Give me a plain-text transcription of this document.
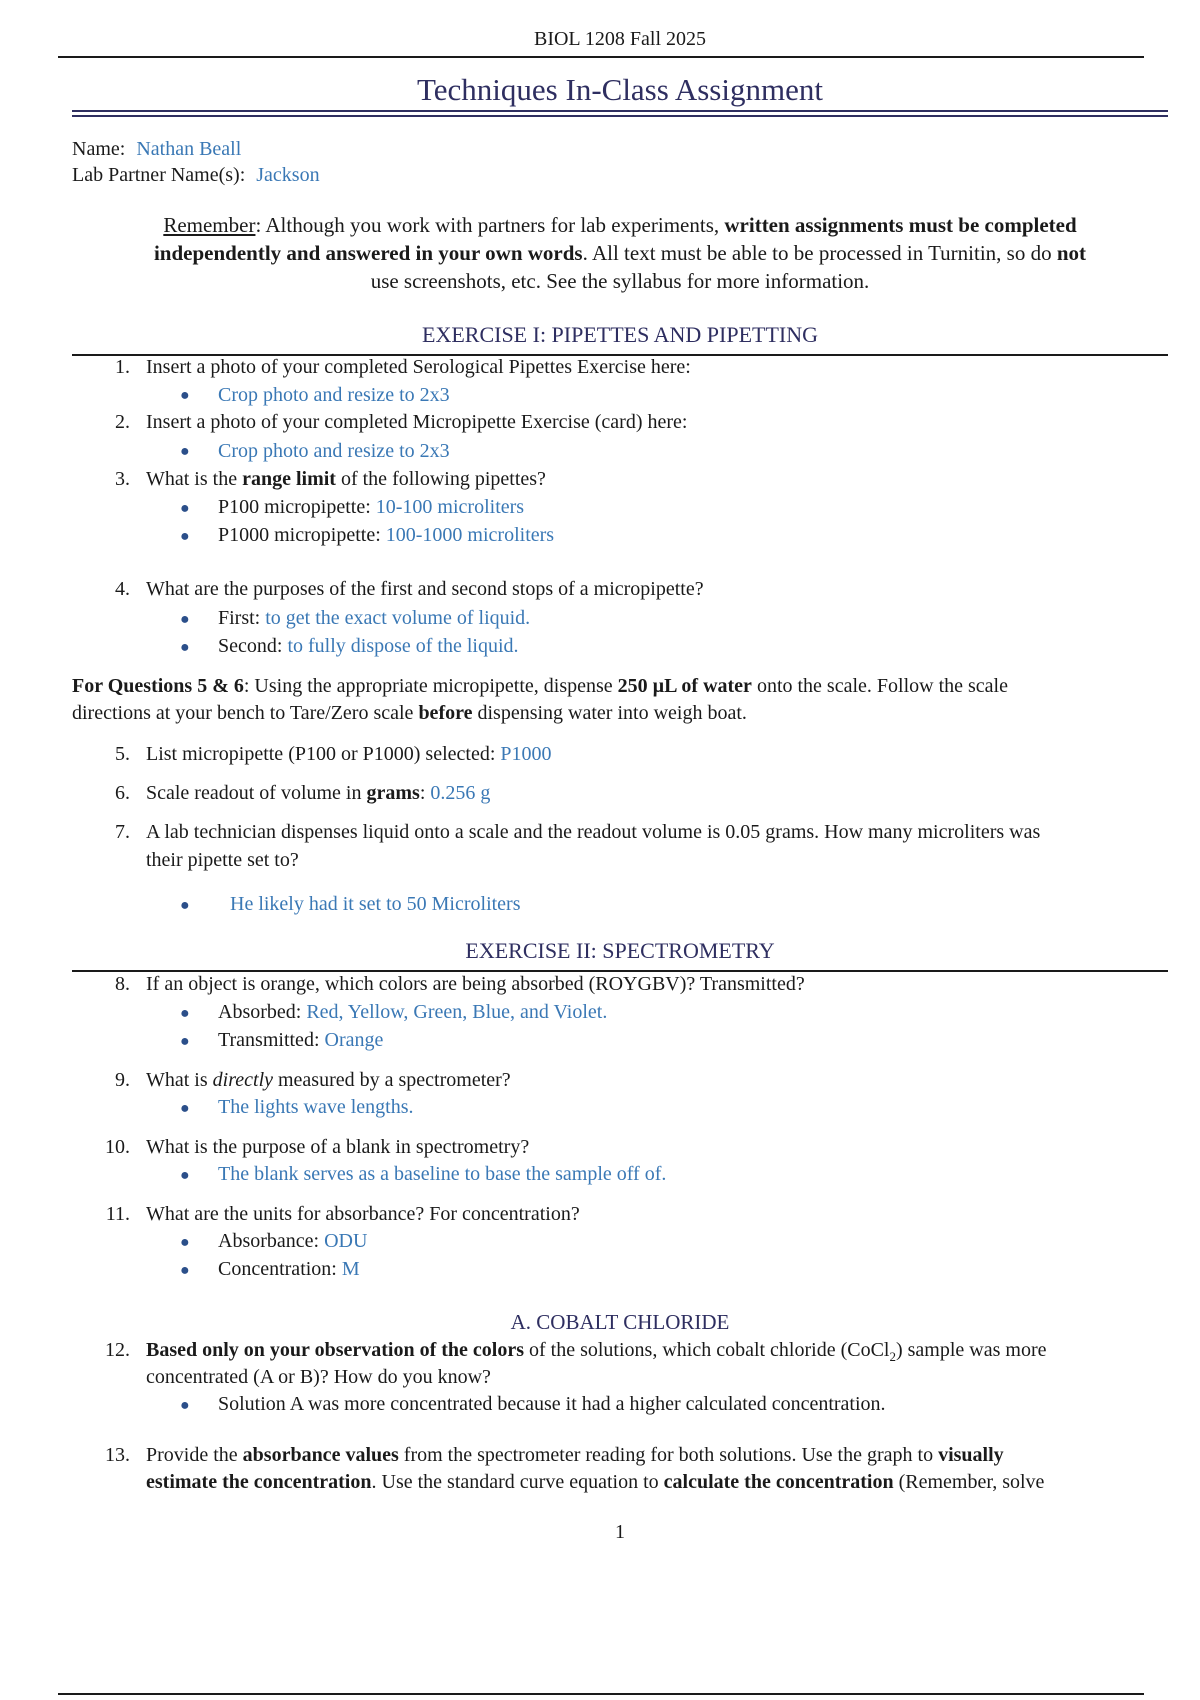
BIOL 1208 Fall 2025
Techniques In-Class Assignment
Name: Nathan Beall
Lab Partner Name(s): Jackson
Remember: Although you work with partners for lab experiments, written assignments must be completed
independently and answered in your own words. All text must be able to be processed in Turnitin, so do not
use screenshots, etc. See the syllabus for more information.
EXERCISE I: PIPETTES AND PIPETTING
1. Insert a photo of your completed Serological Pipettes Exercise here:
● Crop photo and resize to 2x3
2. Insert a photo of your completed Micropipette Exercise (card) here:
● Crop photo and resize to 2x3
3. What is the range limit of the following pipettes?
● P100 micropipette: 10-100 microliters
● P1000 micropipette: 100-1000 microliters
4. What are the purposes of the first and second stops of a micropipette?
● First: to get the exact volume of liquid.
● Second: to fully dispose of the liquid.
For Questions 5 & 6: Using the appropriate micropipette, dispense 250 µL of water onto the scale. Follow the scale
directions at your bench to Tare/Zero scale before dispensing water into weigh boat.
5. List micropipette (P100 or P1000) selected: P1000
6. Scale readout of volume in grams: 0.256 g
7. A lab technician dispenses liquid onto a scale and the readout volume is 0.05 grams. How many microliters was
their pipette set to?
● He likely had it set to 50 Microliters
EXERCISE II: SPECTROMETRY
8. If an object is orange, which colors are being absorbed (ROYGBV)? Transmitted?
● Absorbed: Red, Yellow, Green, Blue, and Violet.
● Transmitted: Orange
9. What is directly measured by a spectrometer?
● The lights wave lengths.
10. What is the purpose of a blank in spectrometry?
● The blank serves as a baseline to base the sample off of.
11. What are the units for absorbance? For concentration?
● Absorbance: ODU
● Concentration: M
A. COBALT CHLORIDE
12. Based only on your observation of the colors of the solutions, which cobalt chloride (CoCl$_2$) sample was more
concentrated (A or B)? How do you know?
● Solution A was more concentrated because it had a higher calculated concentration.
13. Provide the absorbance values from the spectrometer reading for both solutions. Use the graph to visually
estimate the concentration. Use the standard curve equation to calculate the concentration (Remember, solve
1
